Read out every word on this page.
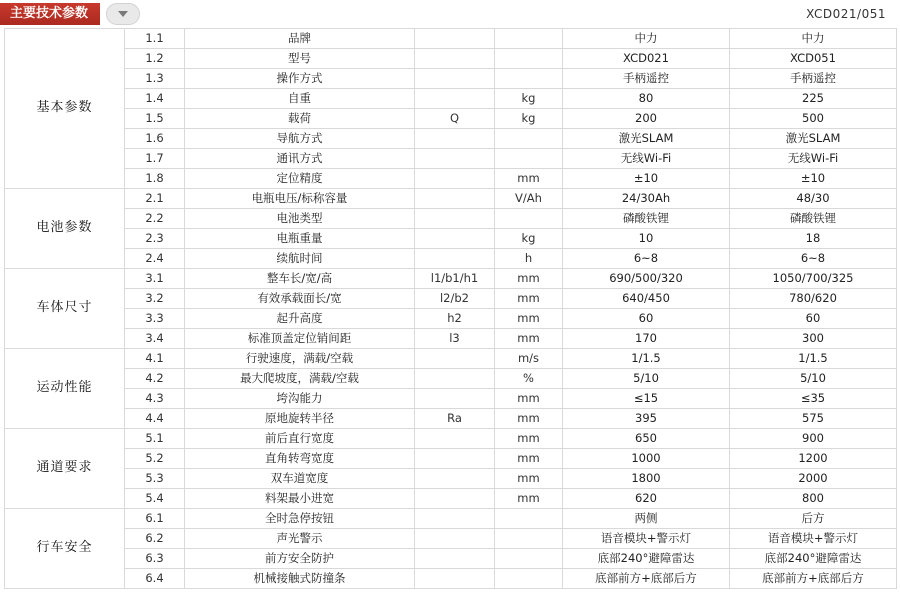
主要技术参数	XCD021/051
基本参数	1.1	品牌			中力	中力
	1.2	型号			XCD021	XCD051
	1.3	操作方式			手柄遥控	手柄遥控
	1.4	自重		kg	80	225
	1.5	载荷	Q	kg	200	500
	1.6	导航方式			激光SLAM	激光SLAM
	1.7	通讯方式			无线Wi-Fi	无线Wi-Fi
	1.8	定位精度		mm	±10	±10
电池参数	2.1	电瓶电压/标称容量		V/Ah	24/30Ah	48/30
	2.2	电池类型			磷酸铁锂	磷酸铁锂
	2.3	电瓶重量		kg	10	18
	2.4	续航时间		h	6~8	6~8
车体尺寸	3.1	整车长/宽/高	l1/b1/h1	mm	690/500/320	1050/700/325
	3.2	有效承载面长/宽	l2/b2	mm	640/450	780/620
	3.3	起升高度	h2	mm	60	60
	3.4	标准顶盖定位销间距	l3	mm	170	300
运动性能	4.1	行驶速度，满载/空载		m/s	1/1.5	1/1.5
	4.2	最大爬坡度，满载/空载		%	5/10	5/10
	4.3	垮沟能力		mm	≤15	≤35
	4.4	原地旋转半径	Ra	mm	395	575
通道要求	5.1	前后直行宽度		mm	650	900
	5.2	直角转弯宽度		mm	1000	1200
	5.3	双车道宽度		mm	1800	2000
	5.4	料架最小进宽		mm	620	800
行车安全	6.1	全时急停按钮			两侧	后方
	6.2	声光警示			语音模块+警示灯	语音模块+警示灯
	6.3	前方安全防护			底部240°避障雷达	底部240°避障雷达
	6.4	机械接触式防撞条			底部前方+底部后方	底部前方+底部后方
